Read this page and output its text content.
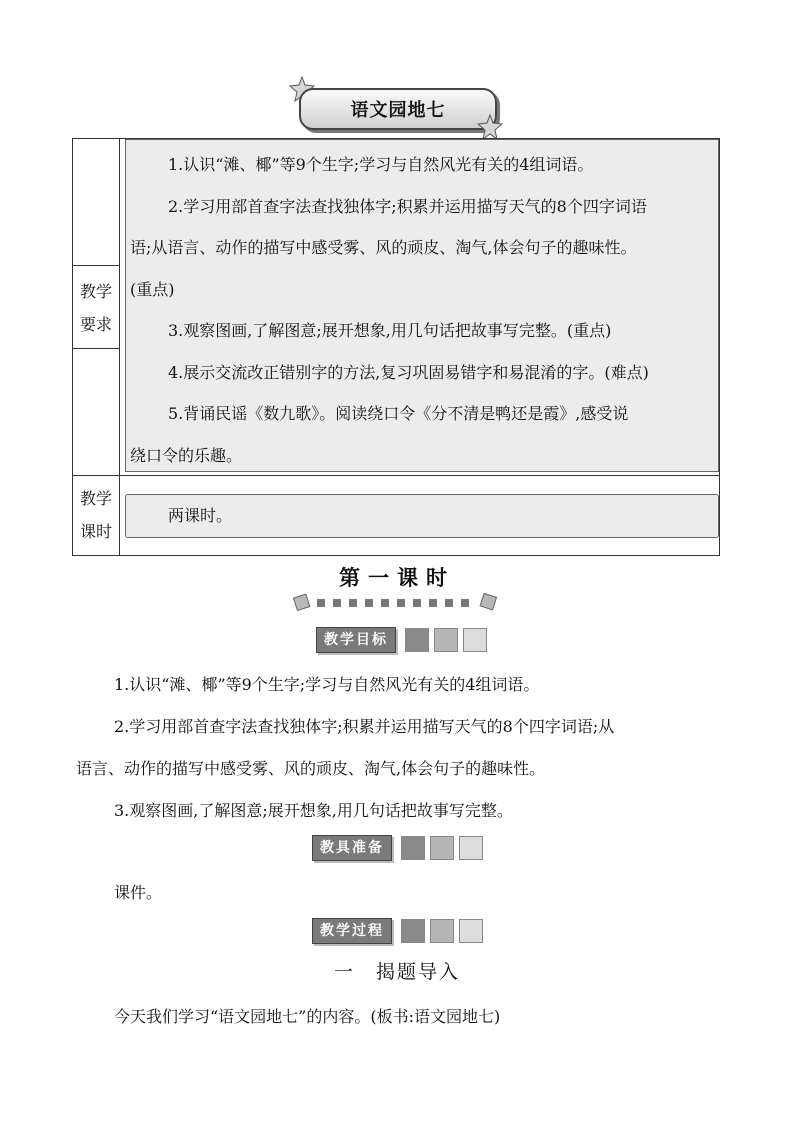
语文园地七
教学
要求
1.认识“滩、椰”等9个生字;学习与自然风光有关的4组词语。
2.学习用部首查字法查找独体字;积累并运用描写天气的8个四字词语
语;从语言、动作的描写中感受雾、风的顽皮、淘气,体会句子的趣味性。
(重点)
3.观察图画,了解图意;展开想象,用几句话把故事写完整。(重点)
4.展示交流改正错别字的方法,复习巩固易错字和易混淆的字。(难点)
5.背诵民谣《数九歌》。阅读绕口令《分不清是鸭还是霞》,感受说
绕口令的乐趣。
教学
课时
两课时。
第一课时
教学目标
1.认识“滩、椰”等9个生字;学习与自然风光有关的4组词语。
2.学习用部首查字法查找独体字;积累并运用描写天气的8个四字词语;从
语言、动作的描写中感受雾、风的顽皮、淘气,体会句子的趣味性。
3.观察图画,了解图意;展开想象,用几句话把故事写完整。
教具准备
课件。
教学过程
一　揭题导入
今天我们学习“语文园地七”的内容。(板书:语文园地七)
